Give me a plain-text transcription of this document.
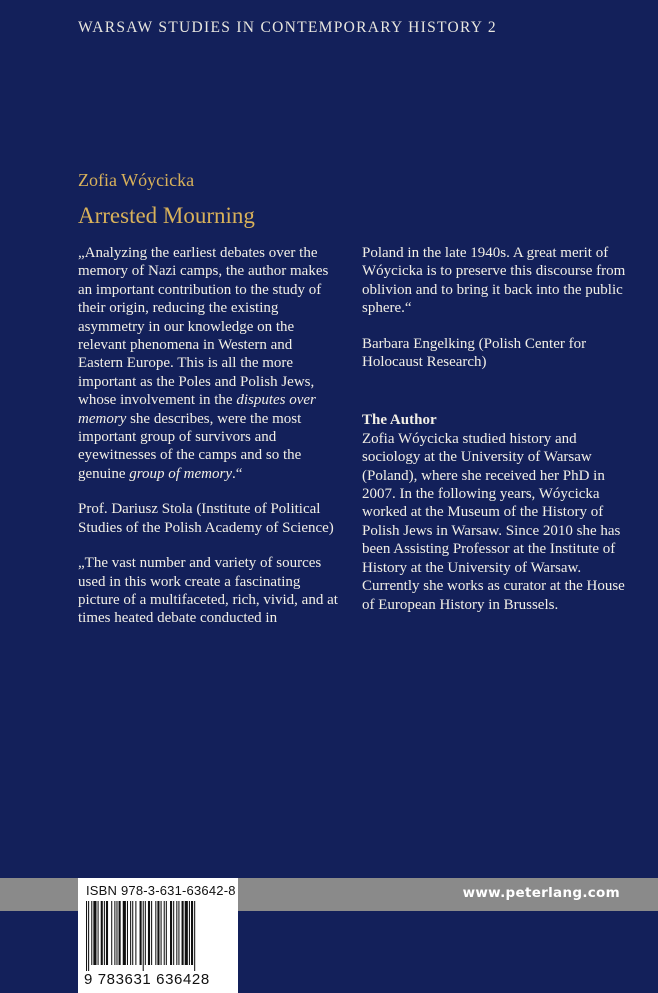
WARSAW STUDIES IN CONTEMPORARY HISTORY 2
Zofia Wóycicka
Arrested Mourning

„Analyzing the earliest debates over the memory of Nazi camps, the author makes an important contribution to the study of their origin, reducing the existing asymmetry in our knowledge on the relevant phenomena in Western and Eastern Europe. This is all the more important as the Poles and Polish Jews, whose involvement in the disputes over memory she describes, were the most important group of survivors and eyewitnesses of the camps and so the genuine group of memory.“

Prof. Dariusz Stola (Institute of Political Studies of the Polish Academy of Science)

„The vast number and variety of sources used in this work create a fascinating picture of a multifaceted, rich, vivid, and at times heated debate conducted in

Poland in the late 1940s. A great merit of Wóycicka is to preserve this discourse from oblivion and to bring it back into the public sphere.“

Barbara Engelking (Polish Center for Holocaust Research)

The Author

Zofia Wóycicka studied history and sociology at the University of Warsaw (Poland), where she received her PhD in 2007. In the following years, Wóycicka worked at the Museum of the History of Polish Jews in Warsaw. Since 2010 she has been Assisting Professor at the Institute of History at the University of Warsaw. Currently she works as curator at the House of European History in Brussels.

www.peterlang.com
ISBN 978-3-631-63642-8
9 783631 636428
